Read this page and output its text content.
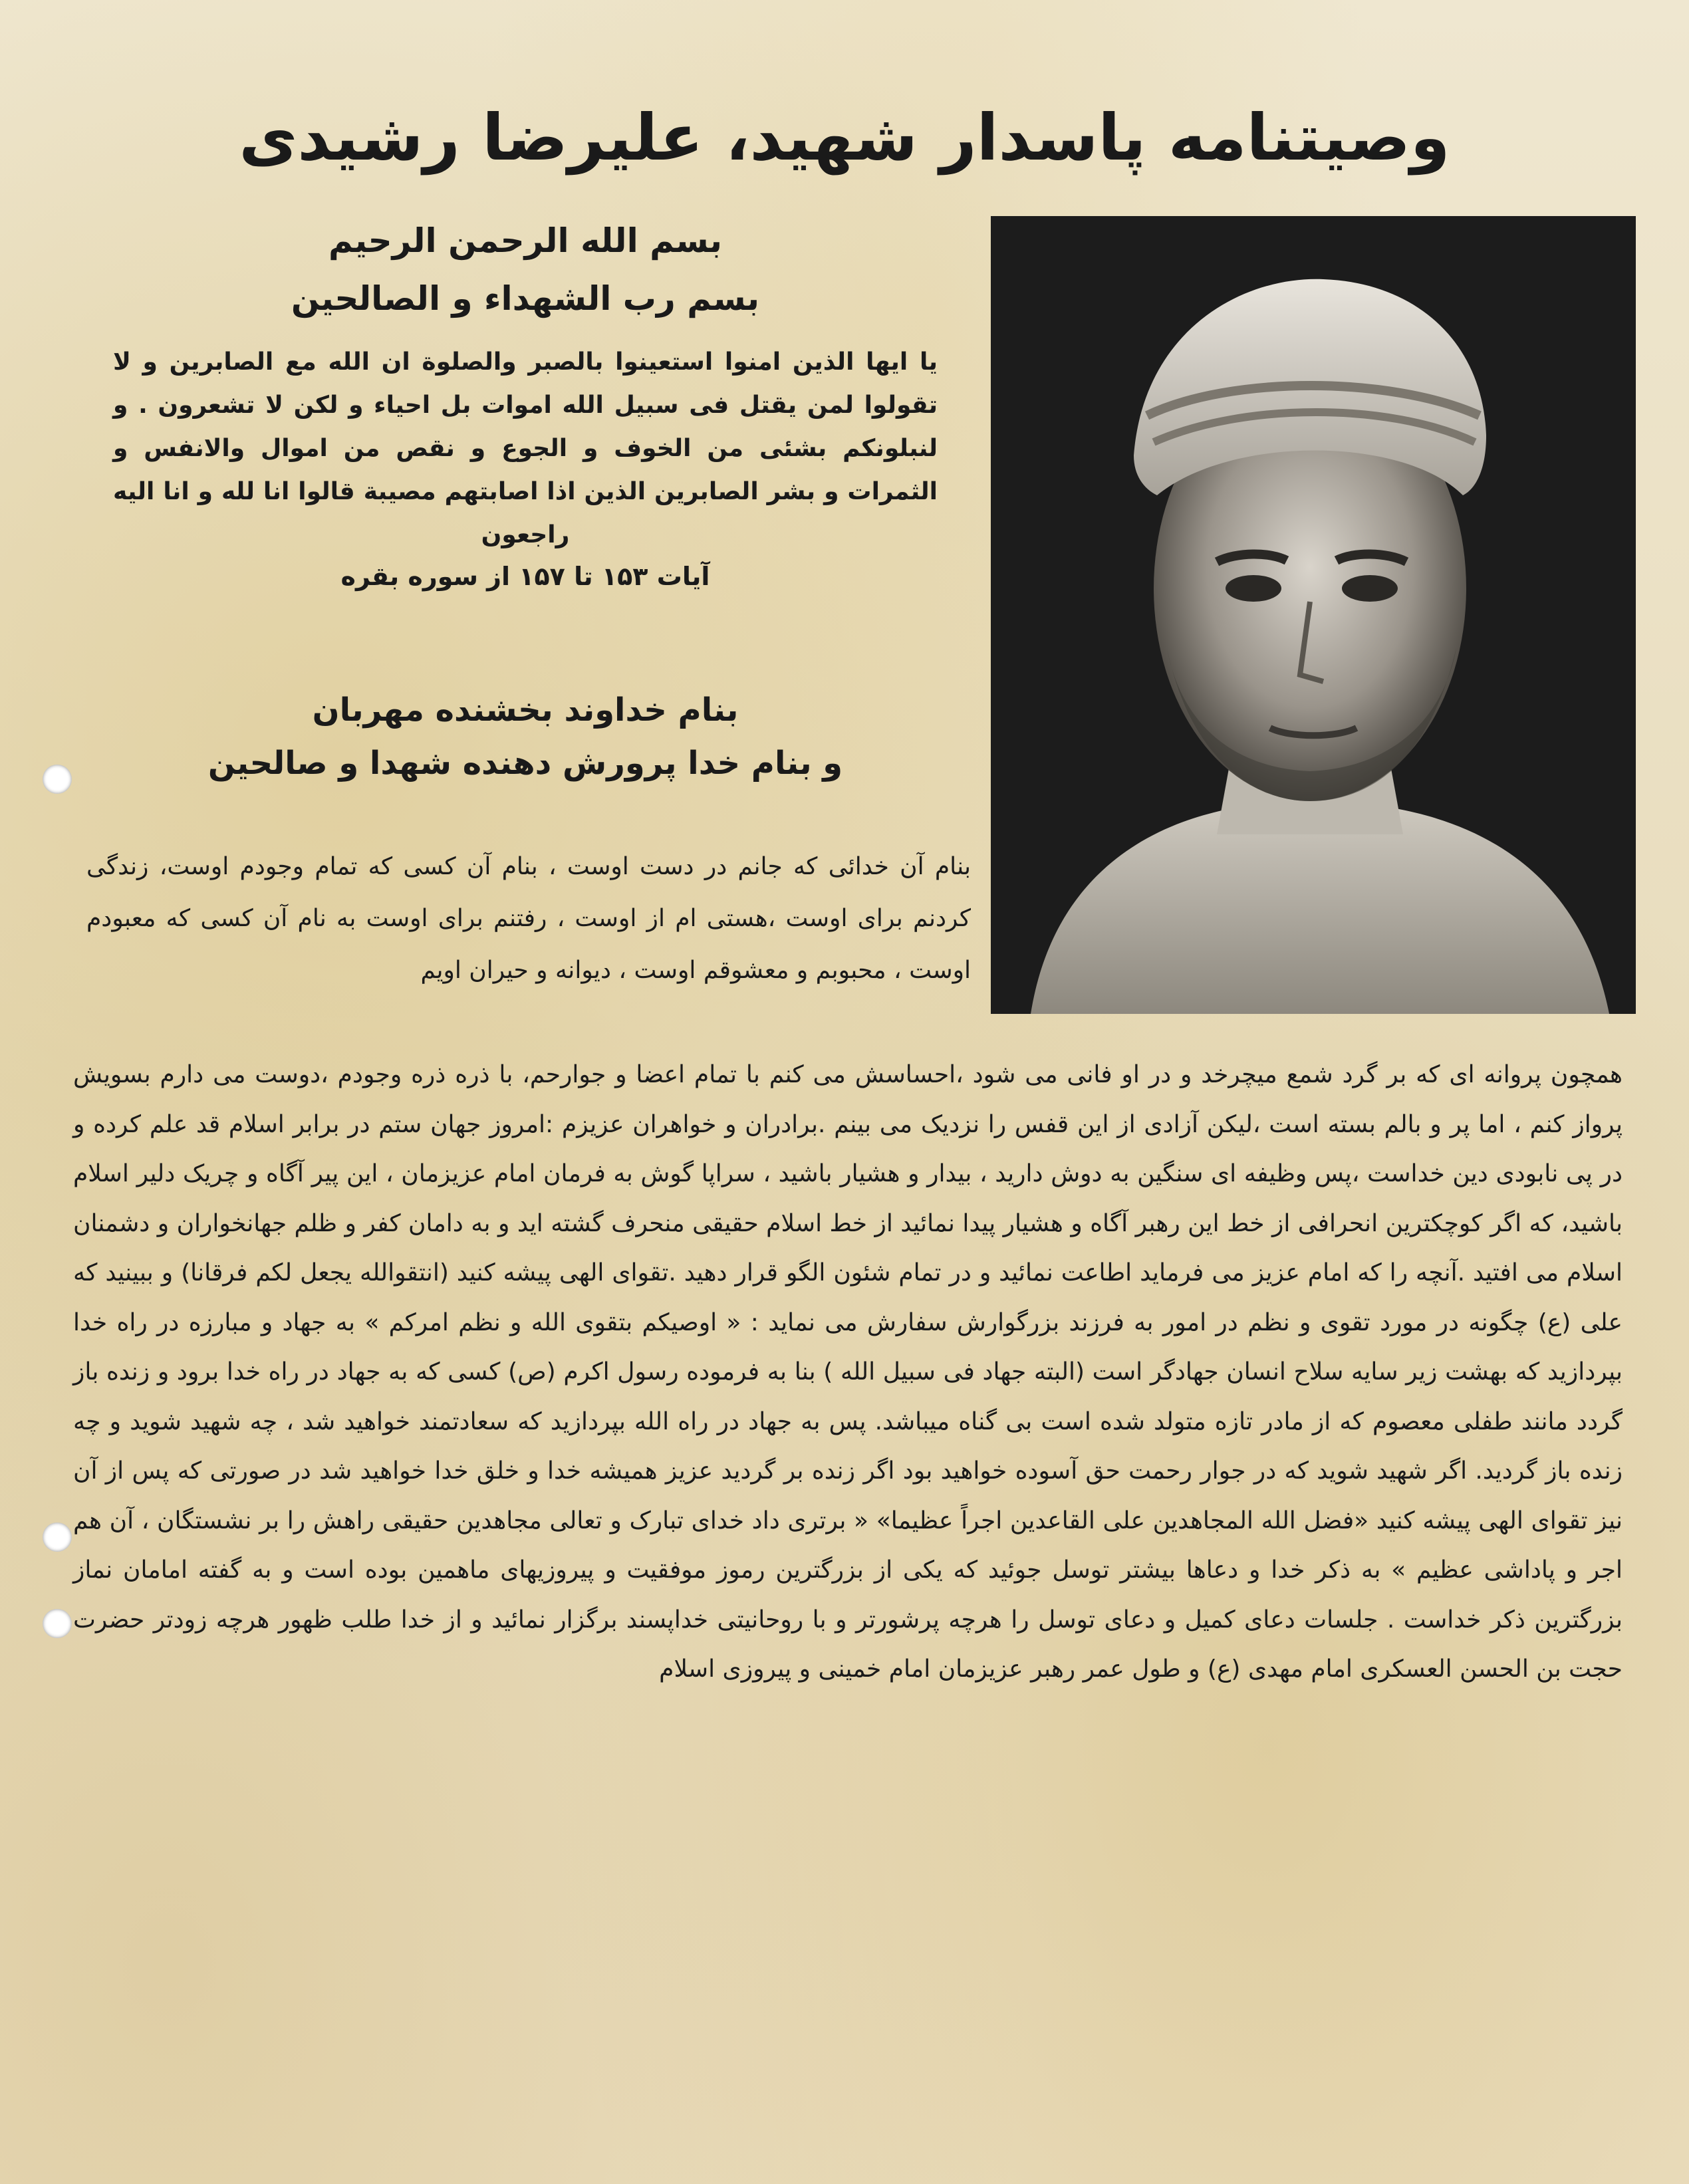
وصیتنامه پاسدار شهید، علیرضا رشیدی

بسم الله الرحمن الرحیم

بسم رب الشهداء و الصالحین

یا ایها الذین امنوا استعینوا بالصبر والصلوة ان الله مع الصابرین و لا تقولوا لمن یقتل فی سبیل الله اموات بل احیاء و لکن لا تشعرون . و لنبلونکم بشئی من الخوف و الجوع و نقص من اموال والانفس و الثمرات و بشر الصابرین الذین اذا اصابتهم مصیبة قالوا انا لله و انا الیه راجعون

آیات ۱۵۳ تا ۱۵۷ از سوره بقره

بنام خداوند بخشنده مهربان

و بنام خدا پرورش دهنده شهدا و صالحین

بنام آن خدائی که جانم در دست اوست ، بنام آن کسی که تمام وجودم اوست، زندگی کردنم برای اوست ،هستی ام از اوست ، رفتنم برای اوست به نام آن کسی که معبودم اوست ، محبوبم و معشوقم اوست ، دیوانه و حیران اویم

همچون پروانه ای که بر گرد شمع میچرخد و در او فانی می شود ،احساسش می کنم با تمام اعضا و جوارحم، با ذره ذره وجودم ،دوست می دارم بسویش پرواز کنم ، اما پر و بالم بسته است ،لیکن آزادی از این قفس را نزدیک می بینم .برادران و خواهران عزیزم :امروز جهان ستم در برابر اسلام قد علم کرده و در پی نابودی دین خداست ،پس وظیفه ای سنگین به دوش دارید ، بیدار و هشیار باشید ، سراپا گوش به فرمان امام عزیزمان ، این پیر آگاه و چریک دلیر اسلام باشید، که اگر کوچکترین انحرافی از خط این رهبر آگاه و هشیار پیدا نمائید از خط اسلام حقیقی منحرف گشته اید و به دامان کفر و ظلم جهانخواران و دشمنان اسلام می افتید .آنچه را که امام عزیز می فرماید اطاعت نمائید و در تمام شئون الگو قرار دهید .تقوای الهی پیشه کنید (انتقوالله یجعل لکم فرقانا) و ببینید که علی (ع) چگونه در مورد تقوی و نظم در امور به فرزند بزرگوارش سفارش می نماید : « اوصیکم بتقوی الله و نظم امرکم » به جهاد و مبارزه در راه خدا بپردازید که بهشت زیر سایه سلاح انسان جهادگر است (البته جهاد فی سبیل الله ) بنا به فرموده رسول اکرم (ص) کسی که به جهاد در راه خدا برود و زنده باز گردد مانند طفلی معصوم که از مادر تازه متولد شده است بی گناه میباشد. پس به جهاد در راه الله بپردازید که سعادتمند خواهید شد ، چه شهید شوید و چه زنده باز گردید. اگر شهید شوید که در جوار رحمت حق آسوده خواهید بود اگر زنده بر گردید عزیز همیشه خدا و خلق خدا خواهید شد در صورتی که پس از آن نیز تقوای الهی پیشه کنید «فضل الله المجاهدین علی القاعدین اجراً عظیما» « برتری داد خدای تبارک و تعالی مجاهدین حقیقی راهش را بر نشستگان ، آن هم اجر و پاداشی عظیم » به ذکر خدا و دعاها بیشتر توسل جوئید که یکی از بزرگترین رموز موفقیت و پیروزیهای ماهمین بوده است و به گفته امامان نماز بزرگترین ذکر خداست . جلسات دعای کمیل و دعای توسل را هرچه پرشورتر و با روحانیتی خداپسند برگزار نمائید و از خدا طلب ظهور هرچه زودتر حضرت حجت بن الحسن العسکری امام مهدی (ع) و طول عمر رهبر عزیزمان امام خمینی و پیروزی اسلام
